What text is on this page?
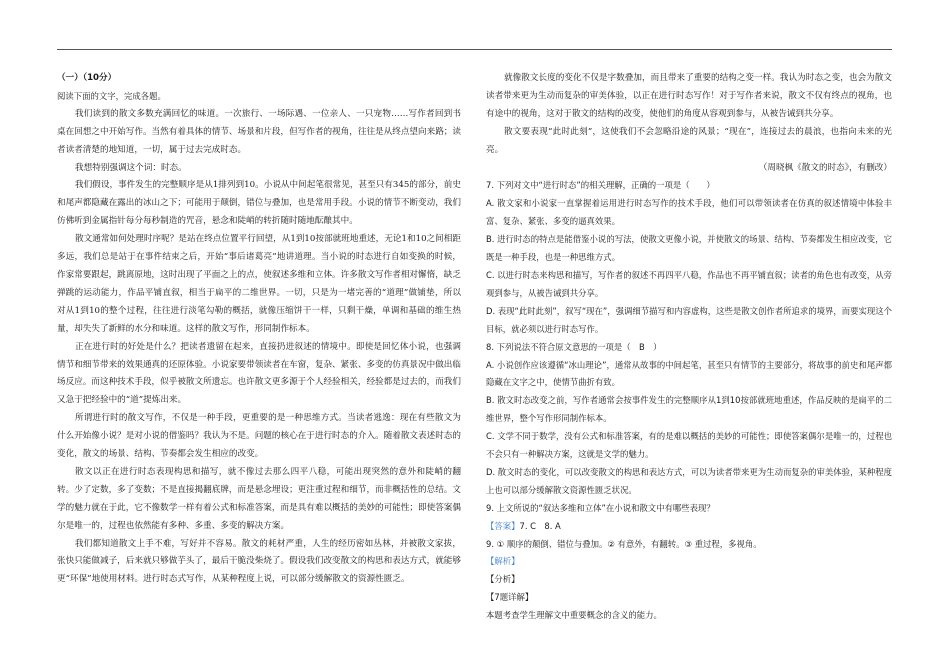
（一）（10分）

阅读下面的文字，完成各题。

我们读到的散文多数充满回忆的味道。一次旅行、一场际遇、一位亲人、一只宠物……写作者回到书桌在回想之中开始写作。当然有着具体的情节、场景和片段，但写作者的视角，往往是从终点望向来路；读者读者清楚的地知道，一切，属于过去完成时态。

我想特别强调这个词：时态。

我们假设，事件发生的完整顺序是从1排列到10。小说从中间起笔很常见，甚至只有345的部分，前史和尾声都隐藏在露出的冰山之下；可能用于颠倒，错位与叠加，也是常用手段。小说的情节不断变动，我们仿佛听到金属指针每分每秒制造的咒音，悬念和陡峭的转折随时随地酝酿其中。

散文通常如何处理时序呢？是站在终点位置平行回望，从1到10按部就班地重述，无论1和10之间相距多远，我们总是站于在事件结束之后，开始“事后诸葛亮”地讲道理。当小说的时态进行自如变换的时候，作家常要跟起，跳离原地，这时出现了平面之上的点，使叙述多维和立体。许多散文写作者相对懈惰，缺乏弹跳的运动能力，作品平铺直叙，相当于扁平的二维世界。一切，只是为一堵完善的“道理”做铺垫，所以对从1到10的整个过程，往往进行淡笔勾勒的概括，就像压缩饼干一样，只剩干燥，单调和基础的维生热量，却失失了新鲜的水分和味道。这样的散文写作，形同制作标本。

正在进行时的好处是什么？把读者遗留在起来，直接扔进叙述的情境中。即使是回忆体小说，也强调情节和细节带来的效果通真的还原体验。小说家要带领读者在车窗，复杂、紧张、多变的仿真景况中做出临场反应。而这种技术手段，似乎被散文所遗忘。也许散文更多源于个人经验相关，经验都是过去的，而我们又急于把经验中的“道”提炼出来。

所谓进行时的散文写作，不仅是一种手段，更重要的是一种思维方式。当读者逃逸：现在有些散文为什么开始像小说？是对小说的借鉴吗？我认为不是。问题的核心在于进行时态的介入。随着散文表述时态的变化，散文的场景、结构、节奏都会发生相应的改变。

散文以正在进行时态表现构思和描写，就不像过去那么四平八稳，可能出现突然的意外和陡峭的翻转。少了定数，多了变数；不是直接揭翻底牌，而是悬念埋设；更注重过程和细节，而非概括性的总结。文学的魅力就在于此，它不像数学一样有着公式和标准答案，而是具有难以概括的美妙的可能性；即使答案偶尔是唯一的，过程也依然能有多种、多重、多变的解决方案。

我们都知道散文上手不难，写好并不容易。散文的耗材严重，人生的经历密如丛林，并被散文家拔，张快只能做减子，后来就只够做芋头了，最后干脆没柴烧了。假设我们改变散文的构思和表达方式，就能够更“环保”地使用材料。进行时态式写作，从某种程度上说，可以部分缓解散文的资源性匮乏。

就像散文长度的变化不仅是字数叠加，而且带来了重要的结构之变一样。我认为时态之变，也会为散文读者带来更为生动而复杂的审美体验，以正在进行时态写作！对于写作者来说，散文不仅有终点的视角，也有途中的视角，这对于散文的结构的改变，使他们的角度从容观到参与，从被告诫到共分享。

散文要表现“此时此刻”，这使我们不会忽略沿途的风景；“现在”，连接过去的晨浪，也指向未来的光亮。

（周晓枫《散文的时态》，有删改）

7. 下列对文中“进行时态”的相关理解，正确的一项是（　　）

A. 散文家和小说家一直掌握着运用进行时态写作的技术手段，他们可以带领读者在仿真的叙述情境中体验丰富、复杂、紧张、多变的逼真效果。

B. 进行时态的特点是能借鉴小说的写法，使散文更像小说，并使散文的场景、结构、节奏都发生相应改变，它既是一种手段，也是一种思维方式。

C. 以进行时态来构思和描写，写作者的叙述不再四平八稳，作品也不再平铺直叙；读者的角色也有改变，从旁观到参与，从被告诫到共分享。

D. 表现“此时此刻”，叙写“现在”，强调细节描写和内容虚构，这些是散文创作者所追求的境界，而要实现这个目标，就必须以进行时态写作。

8. 下列说法不符合原文意思的一项是（　B　）

A. 小说创作应该遵循“冰山理论”，通常从故事的中间起笔，甚至只有情节的主要部分，将故事的前史和尾声都隐藏在文字之中，使情节曲折有致。

B. 散文时态改变之前，写作者通常会按事件发生的完整顺序从1到10按部就班地重述，作品反映的是扁平的二维世界，整个写作形同制作标本。

C. 文学不同于数学，没有公式和标准答案，有的是难以概括的美妙的可能性；即使答案偶尔是唯一的，过程也不会只有一种解决方案，这就是文学的魅力。

D. 散文时态的变化，可以改变散文的构思和表达方式，可以为读者带来更为生动而复杂的审美体验，某种程度上也可以部分缓解散文资源性匮乏状况。

9. 上文所说的“叙达多维和立体”在小说和散文中有哪些表现？

【答案】7. C　8. A

9. ① 顺序的颠倒、错位与叠加。② 有意外，有翻转。③ 重过程，多视角。

【解析】

【分析】

【7题详解】

本题考查学生理解文中重要概念的含义的能力。
